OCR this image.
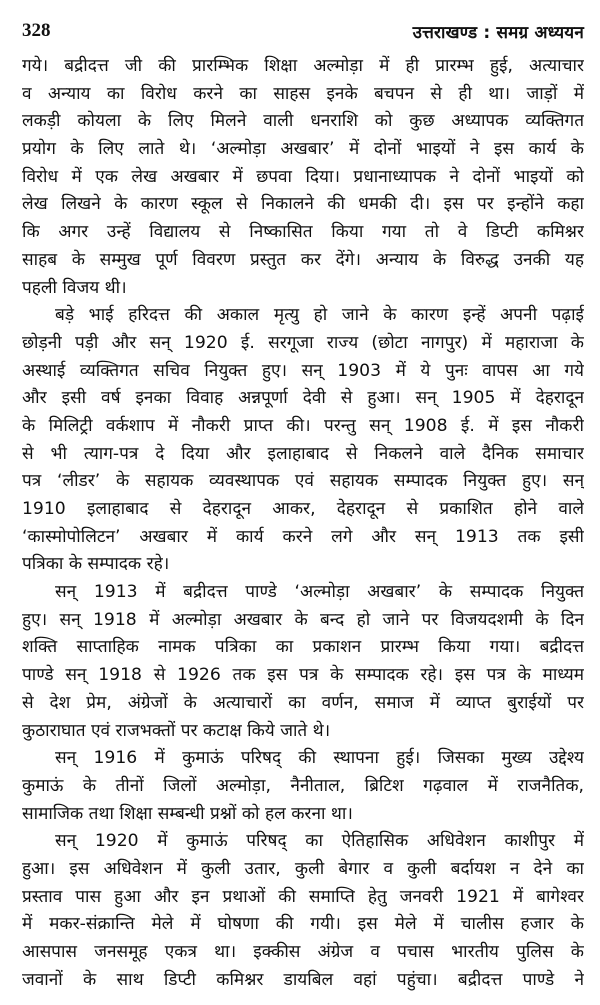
328	उत्तराखण्ड : समग्र अध्ययन
गये। बद्रीदत्त जी की प्रारम्भिक शिक्षा अल्मोड़ा में ही प्रारम्भ हुई, अत्याचार
व अन्याय का विरोध करने का साहस इनके बचपन से ही था। जाड़ों में
लकड़ी कोयला के लिए मिलने वाली धनराशि को कुछ अध्यापक व्यक्तिगत
प्रयोग के लिए लाते थे। ‘अल्मोड़ा अखबार’ में दोनों भाइयों ने इस कार्य के
विरोध में एक लेख अखबार में छपवा दिया। प्रधानाध्यापक ने दोनों भाइयों को
लेख लिखने के कारण स्कूल से निकालने की धमकी दी। इस पर इन्होंने कहा
कि अगर उन्हें विद्यालय से निष्कासित किया गया तो वे डिप्टी कमिश्नर
साहब के सम्मुख पूर्ण विवरण प्रस्तुत कर देंगे। अन्याय के विरुद्ध उनकी यह
पहली विजय थी।
बड़े भाई हरिदत्त की अकाल मृत्यु हो जाने के कारण इन्हें अपनी पढ़ाई
छोड़नी पड़ी और सन् 1920 ई. सरगूजा राज्य (छोटा नागपुर) में महाराजा के
अस्थाई व्यक्तिगत सचिव नियुक्त हुए। सन् 1903 में ये पुनः वापस आ गये
और इसी वर्ष इनका विवाह अन्नपूर्णा देवी से हुआ। सन् 1905 में देहरादून
के मिलिट्री वर्कशाप में नौकरी प्राप्त की। परन्तु सन् 1908 ई. में इस नौकरी
से भी त्याग-पत्र दे दिया और इलाहाबाद से निकलने वाले दैनिक समाचार
पत्र ‘लीडर’ के सहायक व्यवस्थापक एवं सहायक सम्पादक नियुक्त हुए। सन्
1910 इलाहाबाद से देहरादून आकर, देहरादून से प्रकाशित होने वाले
‘कास्मोपोलिटन’ अखबार में कार्य करने लगे और सन् 1913 तक इसी
पत्रिका के सम्पादक रहे।
सन् 1913 में बद्रीदत्त पाण्डे ‘अल्मोड़ा अखबार’ के सम्पादक नियुक्त
हुए। सन् 1918 में अल्मोड़ा अखबार के बन्द हो जाने पर विजयदशमी के दिन
शक्ति साप्ताहिक नामक पत्रिका का प्रकाशन प्रारम्भ किया गया। बद्रीदत्त
पाण्डे सन् 1918 से 1926 तक इस पत्र के सम्पादक रहे। इस पत्र के माध्यम
से देश प्रेम, अंग्रेजों के अत्याचारों का वर्णन, समाज में व्याप्त बुराईयों पर
कुठाराघात एवं राजभक्तों पर कटाक्ष किये जाते थे।
सन् 1916 में कुमाऊं परिषद् की स्थापना हुई। जिसका मुख्य उद्देश्य
कुमाऊं के तीनों जिलों अल्मोड़ा, नैनीताल, ब्रिटिश गढ़वाल में राजनैतिक,
सामाजिक तथा शिक्षा सम्बन्धी प्रश्नों को हल करना था।
सन् 1920 में कुमाऊं परिषद् का ऐतिहासिक अधिवेशन काशीपुर में
हुआ। इस अधिवेशन में कुली उतार, कुली बेगार व कुली बर्दायश न देने का
प्रस्ताव पास हुआ और इन प्रथाओं की समाप्ति हेतु जनवरी 1921 में बागेश्वर
में मकर-संक्रान्ति मेले में घोषणा की गयी। इस मेले में चालीस हजार के
आसपास जनसमूह एकत्र था। इक्कीस अंग्रेज व पचास भारतीय पुलिस के
जवानों के साथ डिप्टी कमिश्नर डायबिल वहां पहुंचा। बद्रीदत्त पाण्डे ने
